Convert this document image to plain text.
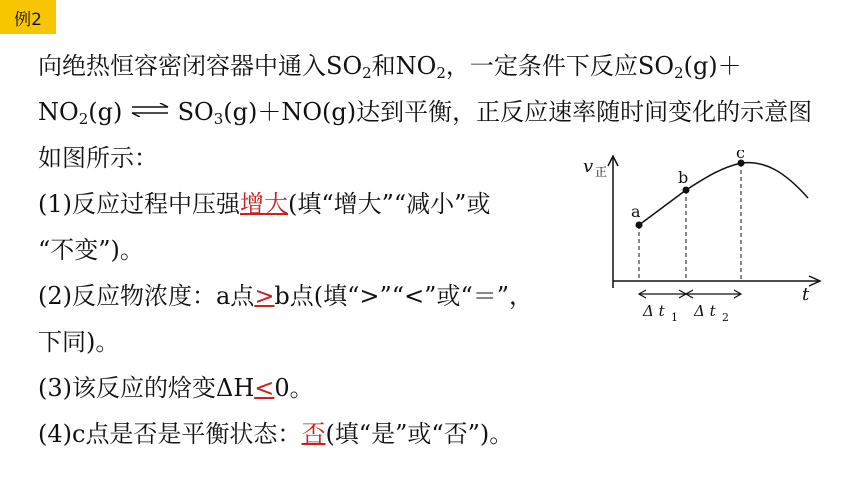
例2
向绝热恒容密闭容器中通入$SO_2$和$NO_2$，一定条件下反应$SO_2(g)+$
$NO_2(g)$ ⇌ $SO_3(g)+NO(g)$达到平衡，正反应速率随时间变化的示意图
如图所示：
(1)反应过程中压强增大(填“增大”“减小”或
“不变”)。
(2)反应物浓度：a点>b点(填“>”“<”或“＝”，
下同)。
(3)该反应的焓变ΔH<0。
(4)c点是否是平衡状态：否(填“是”或“否”)。
v 正
t
a
b
c
Δ t 1 Δ t 2
